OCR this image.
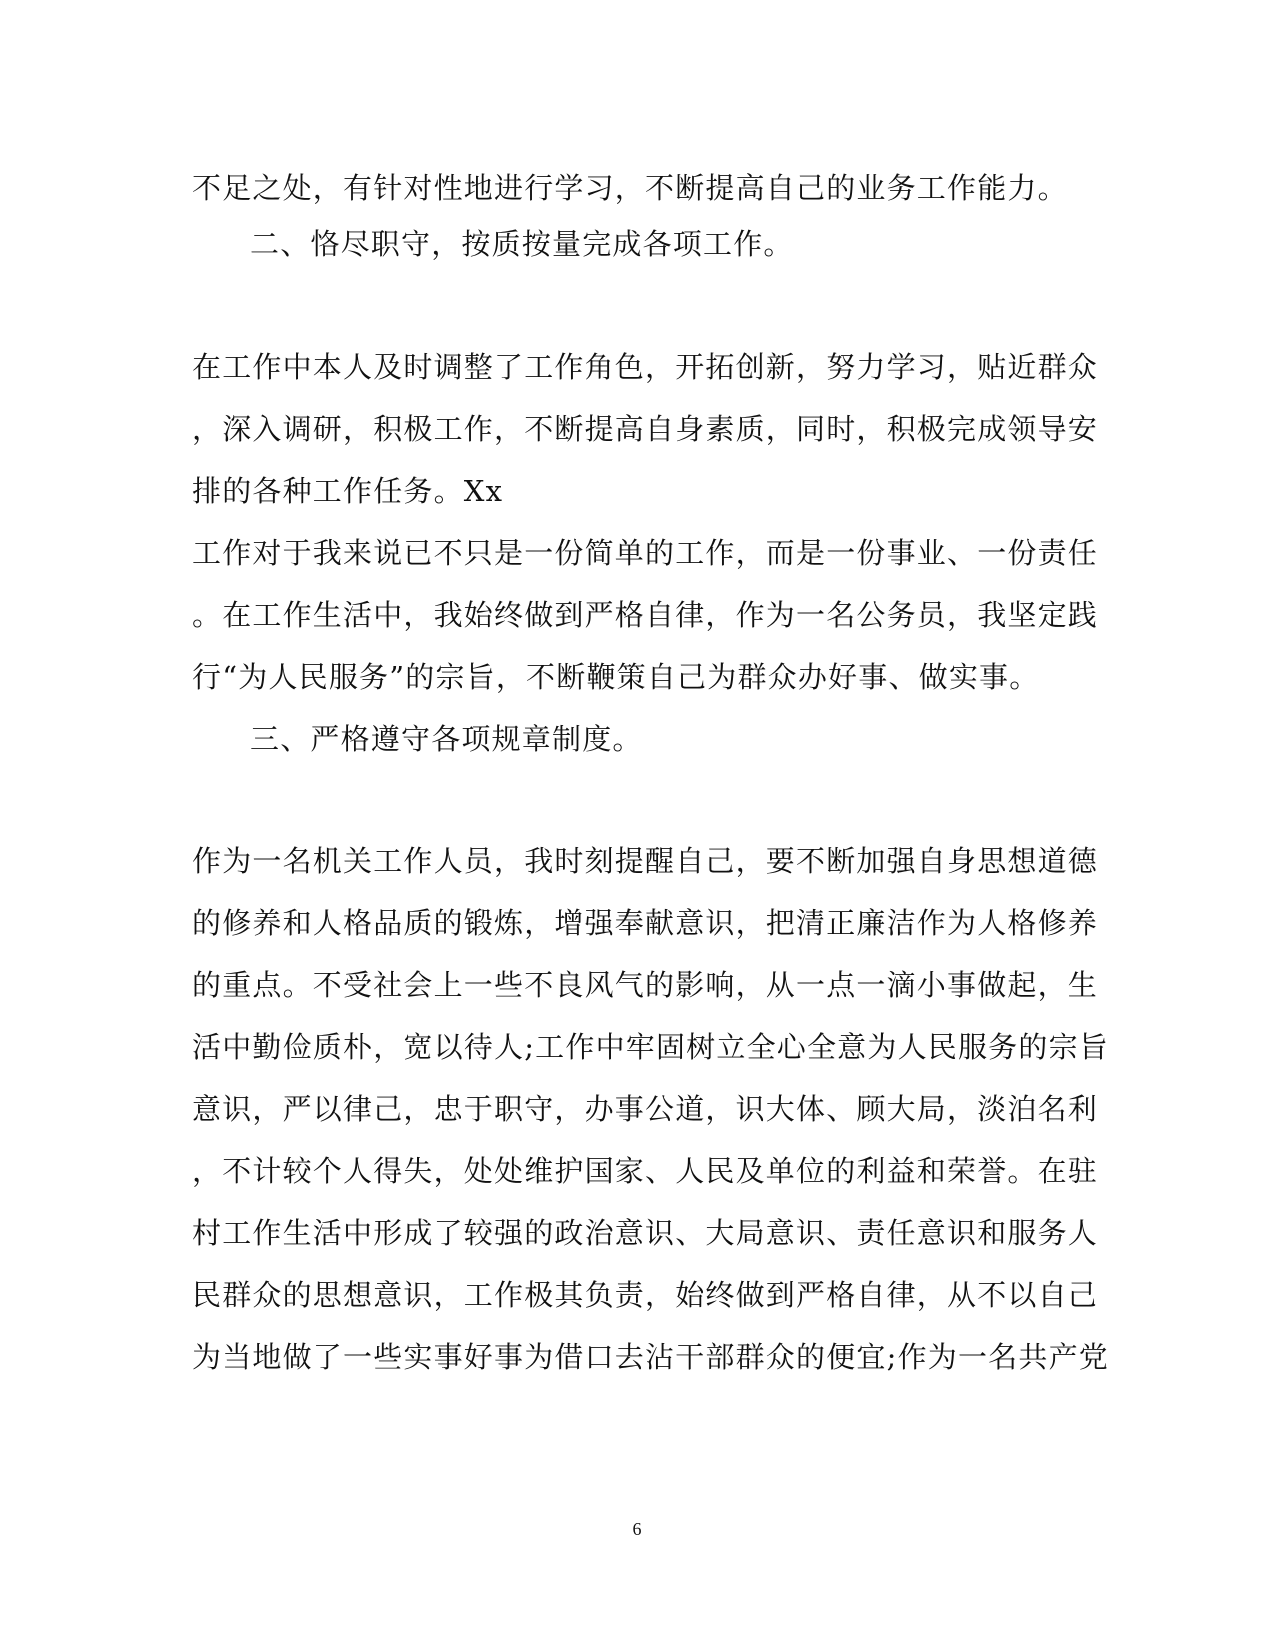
不足之处，有针对性地进行学习，不断提高自己的业务工作能力。
二、恪尽职守，按质按量完成各项工作。
在工作中本人及时调整了工作角色，开拓创新，努力学习，贴近群众
，深入调研，积极工作，不断提高自身素质，同时，积极完成领导安
排的各种工作任务。Xx
工作对于我来说已不只是一份简单的工作，而是一份事业、一份责任
。在工作生活中，我始终做到严格自律，作为一名公务员，我坚定践
行“为人民服务”的宗旨，不断鞭策自己为群众办好事、做实事。
三、严格遵守各项规章制度。
作为一名机关工作人员，我时刻提醒自己，要不断加强自身思想道德
的修养和人格品质的锻炼，增强奉献意识，把清正廉洁作为人格修养
的重点。不受社会上一些不良风气的影响，从一点一滴小事做起，生
活中勤俭质朴，宽以待人;工作中牢固树立全心全意为人民服务的宗旨
意识，严以律己，忠于职守，办事公道，识大体、顾大局，淡泊名利
，不计较个人得失，处处维护国家、人民及单位的利益和荣誉。在驻
村工作生活中形成了较强的政治意识、大局意识、责任意识和服务人
民群众的思想意识，工作极其负责，始终做到严格自律，从不以自己
为当地做了一些实事好事为借口去沾干部群众的便宜;作为一名共产党
6
